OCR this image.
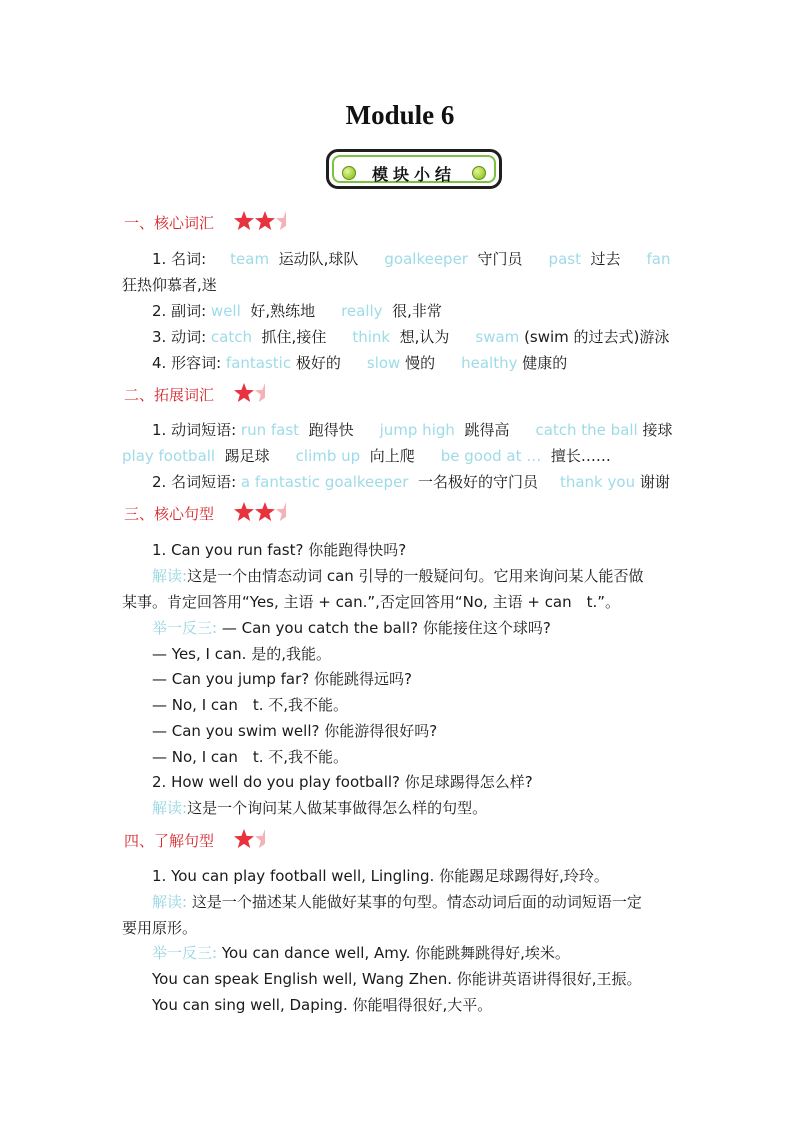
Module 6
模块小结
一、核心词汇
1. 名词: team 运动队,球队 goalkeeper 守门员 past 过去 fan
狂热仰慕者,迷
2. 副词: well 好,熟练地 really 很,非常
3. 动词: catch 抓住,接住 think 想,认为 swam (swim 的过去式)游泳
4. 形容词: fantastic 极好的 slow 慢的 healthy 健康的
二、拓展词汇
1. 动词短语: run fast 跑得快 jump high 跳得高 catch the ball 接球
play football 踢足球 climb up 向上爬 be good at … 擅长……
2. 名词短语: a fantastic goalkeeper 一名极好的守门员 thank you 谢谢
三、核心句型
1. Can you run fast? 你能跑得快吗?
解读:这是一个由情态动词 can 引导的一般疑问句。它用来询问某人能否做
某事。肯定回答用“Yes, 主语 + can.”,否定回答用“No, 主语 + can t.”。
举一反三: — Can you catch the ball? 你能接住这个球吗?
— Yes, I can. 是的,我能。
— Can you jump far? 你能跳得远吗?
— No, I can t. 不,我不能。
— Can you swim well? 你能游得很好吗?
— No, I can t. 不,我不能。
2. How well do you play football? 你足球踢得怎么样?
解读:这是一个询问某人做某事做得怎么样的句型。
四、了解句型
1. You can play football well, Lingling. 你能踢足球踢得好,玲玲。
解读: 这是一个描述某人能做好某事的句型。情态动词后面的动词短语一定
要用原形。
举一反三: You can dance well, Amy. 你能跳舞跳得好,埃米。
You can speak English well, Wang Zhen. 你能讲英语讲得很好,王振。
You can sing well, Daping. 你能唱得很好,大平。
